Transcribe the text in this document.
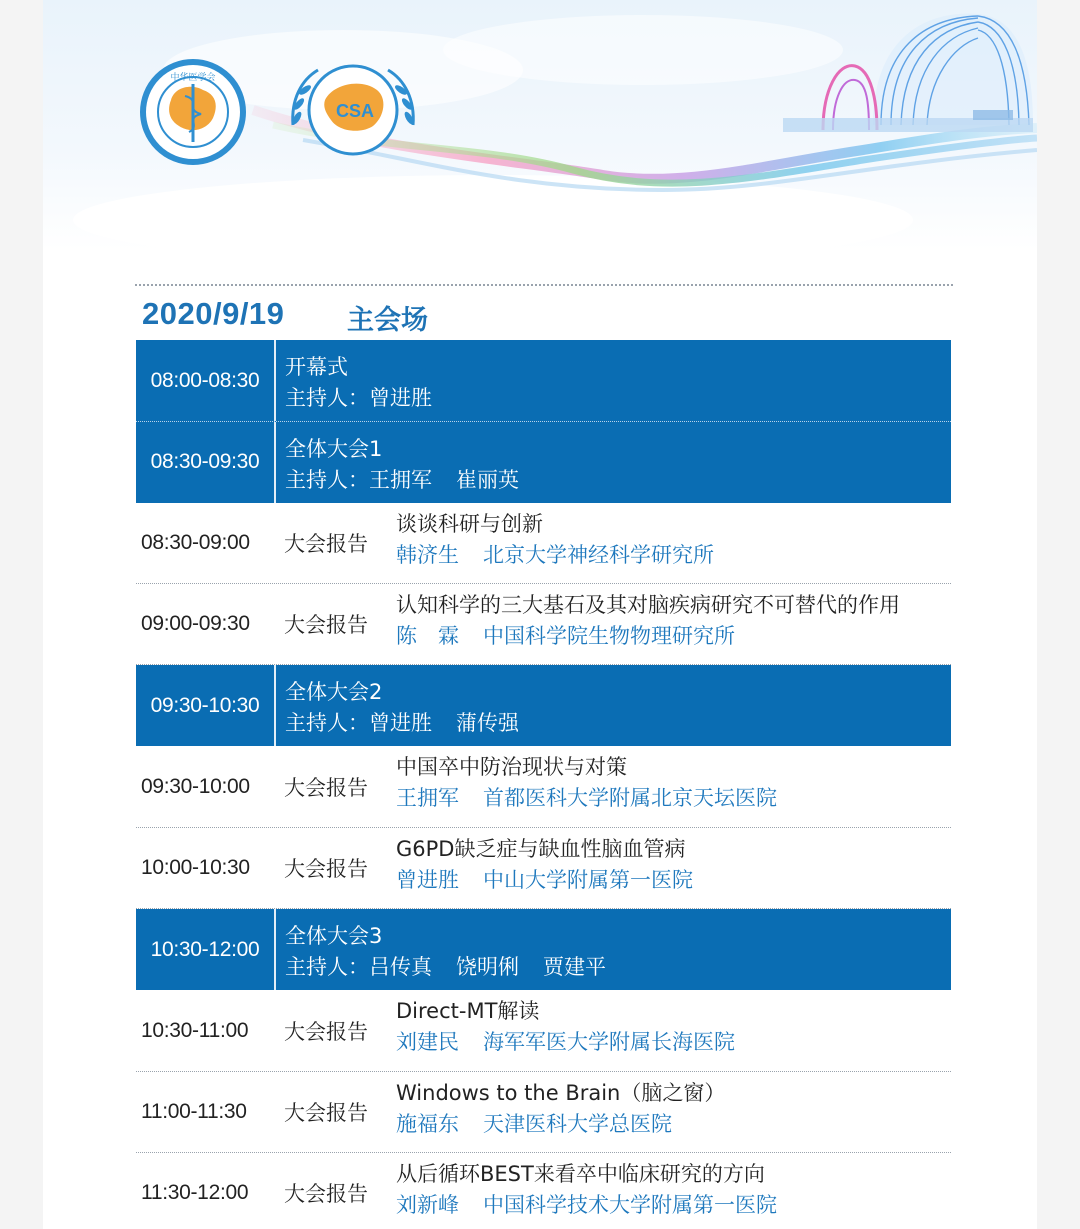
中华医学会
CSA
2020/9/19 主会场
08:00-08:30
开幕式
主持人：曾进胜
08:30-09:30
全体大会1
主持人：王拥军 崔丽英
08:30-09:00 大会报告
谈谈科研与创新
韩济生 北京大学神经科学研究所
09:00-09:30 大会报告
认知科学的三大基石及其对脑疾病研究不可替代的作用
陈　霖 中国科学院生物物理研究所
09:30-10:30
全体大会2
主持人：曾进胜 蒲传强
09:30-10:00 大会报告
中国卒中防治现状与对策
王拥军 首都医科大学附属北京天坛医院
10:00-10:30 大会报告
G6PD缺乏症与缺血性脑血管病
曾进胜 中山大学附属第一医院
10:30-12:00
全体大会3
主持人：吕传真 饶明俐 贾建平
10:30-11:00 大会报告
Direct-MT解读
刘建民 海军军医大学附属长海医院
11:00-11:30 大会报告
Windows to the Brain（脑之窗）
施福东 天津医科大学总医院
11:30-12:00 大会报告
从后循环BEST来看卒中临床研究的方向
刘新峰 中国科学技术大学附属第一医院
